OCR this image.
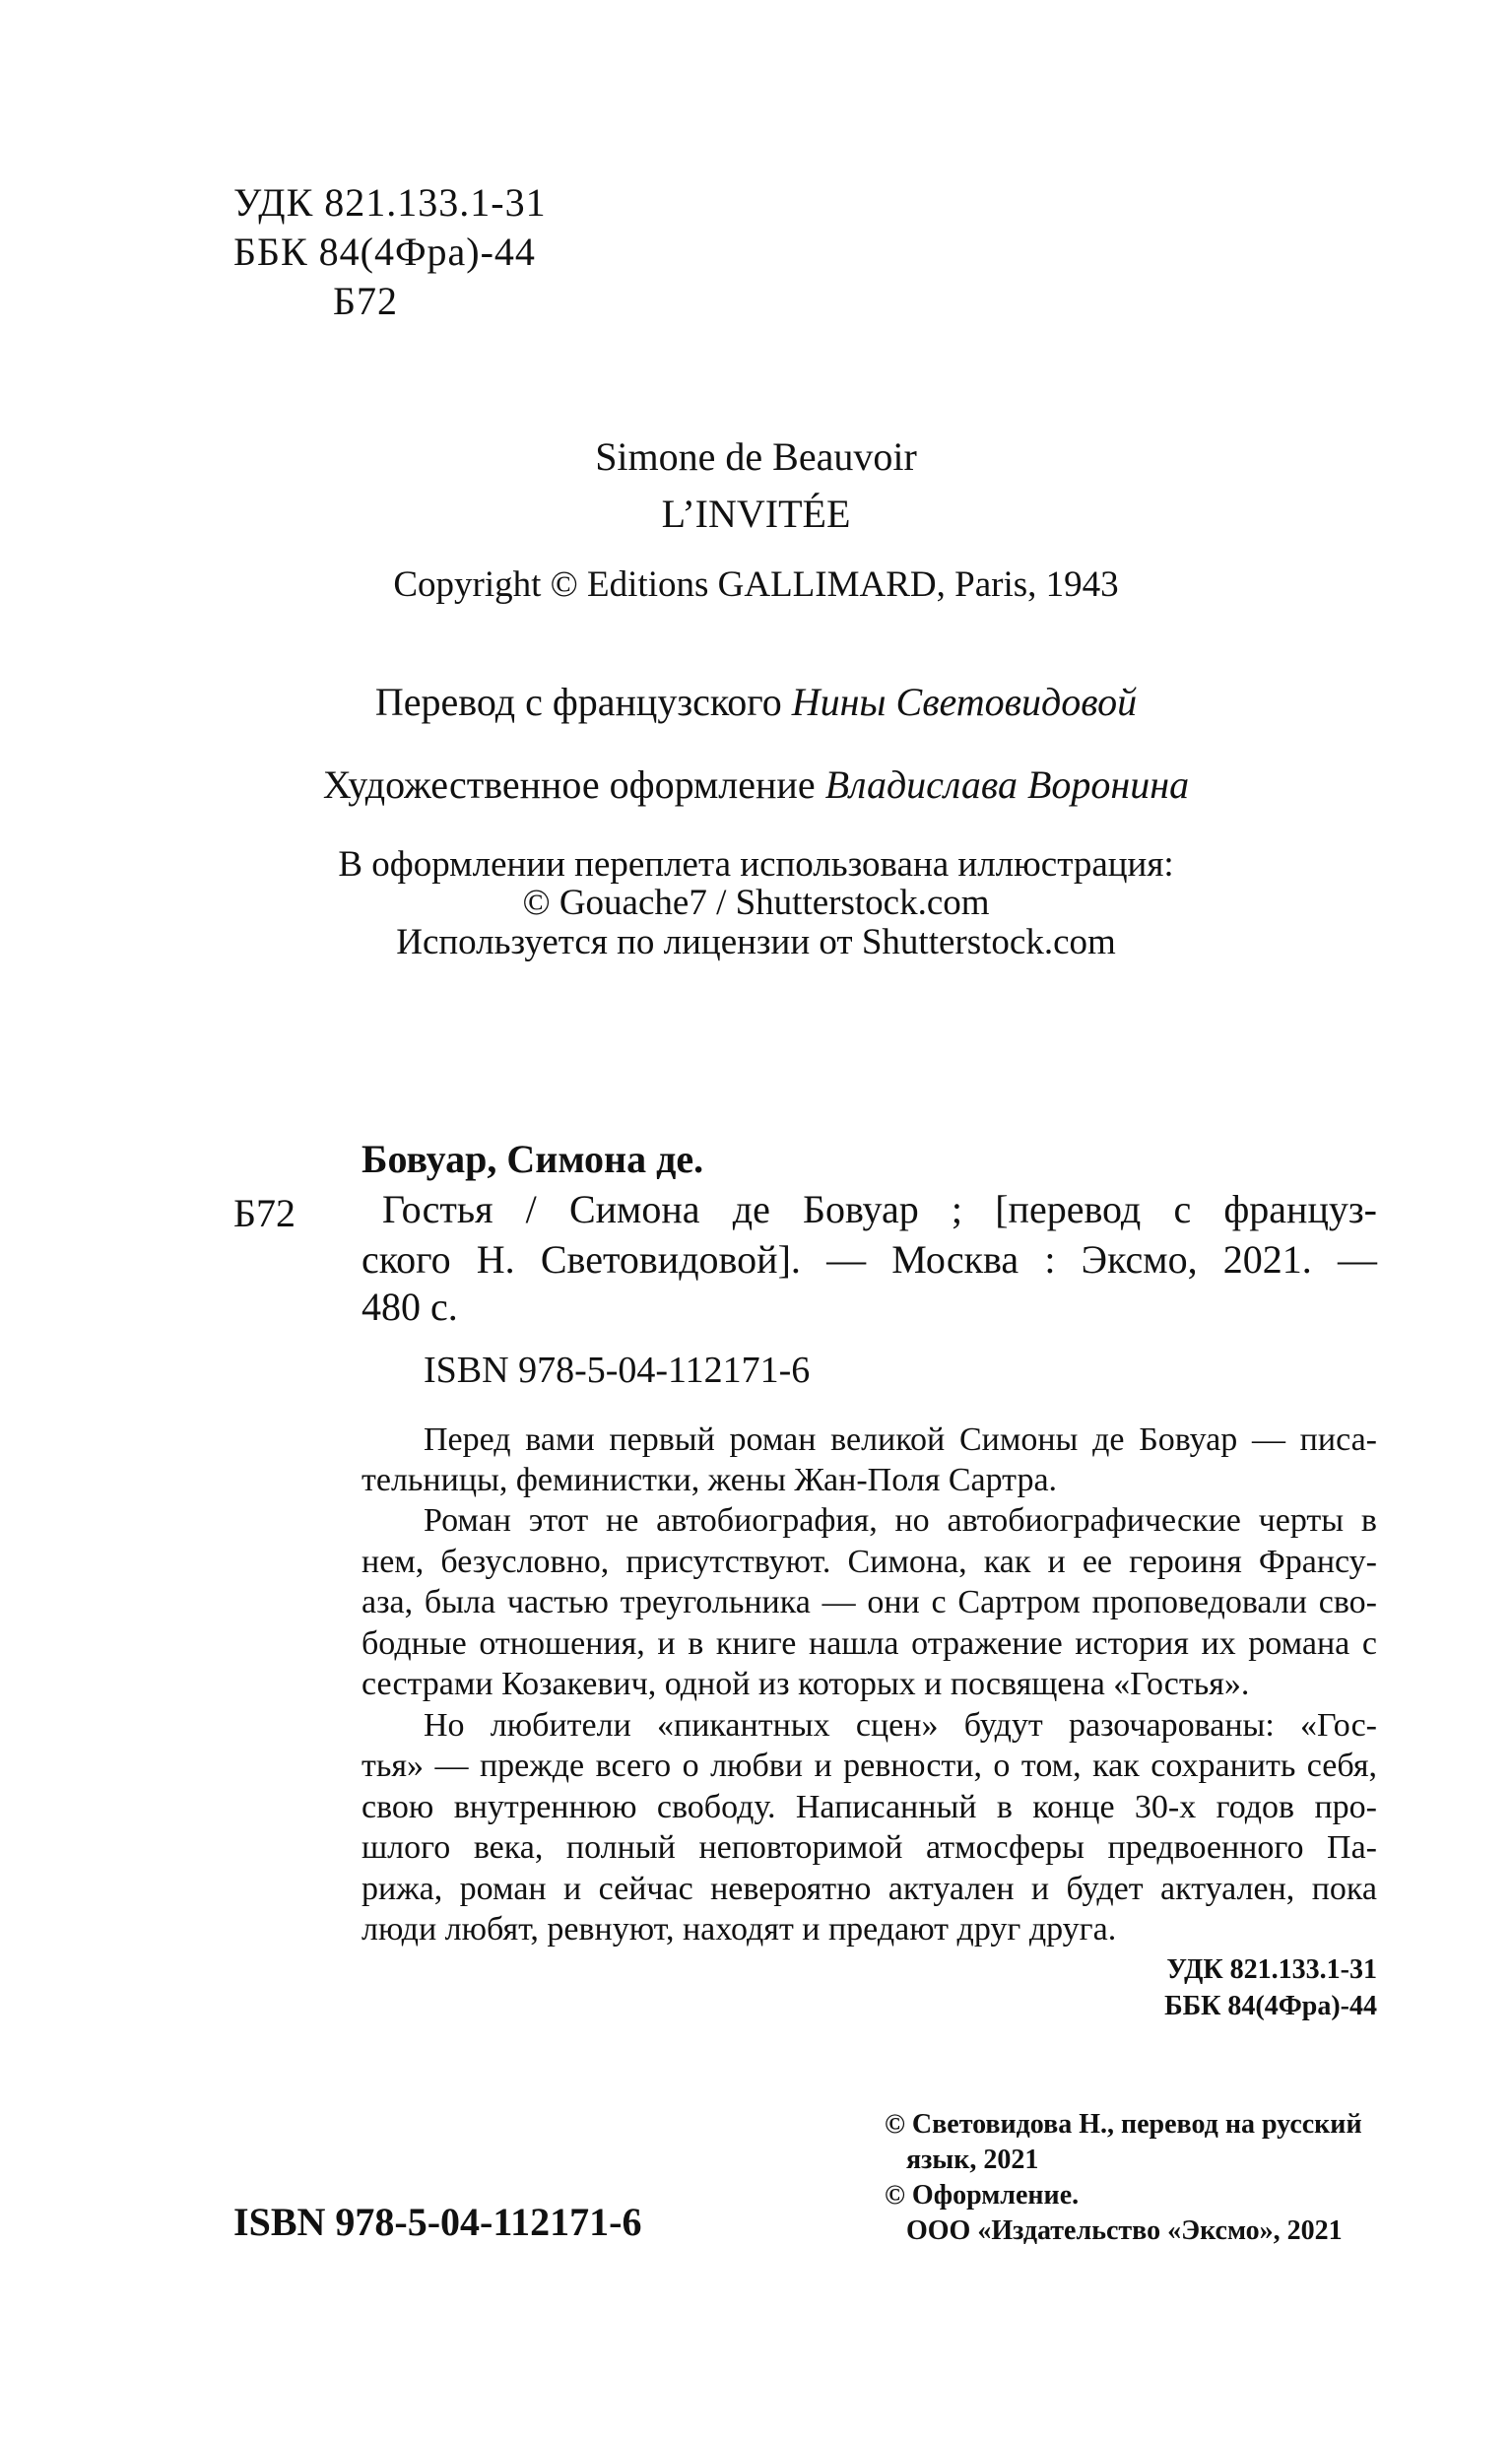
УДК 821.133.1-31
ББК 84(4Фра)-44
Б72
Simone de Beauvoir
L’INVITÉE
Copyright © Editions GALLIMARD, Paris, 1943
Перевод с французского Нины Световидовой
Художественное оформление Владислава Воронина
В оформлении переплета использована иллюстрация:
© Gouache7 / Shutterstock.com
Используется по лицензии от Shutterstock.com
Бовуар, Симона де.
Б72 Гостья / Симона де Бовуар ; [перевод с француз-
ского Н. Световидовой]. — Москва : Эксмо, 2021. —
480 с.
ISBN 978-5-04-112171-6
Перед вами первый роман великой Симоны де Бовуар — писа-
тельницы, феминистки, жены Жан-Поля Сартра.
Роман этот не автобиография, но автобиографические черты в
нем, безусловно, присутствуют. Симона, как и ее героиня Франсу-
аза, была частью треугольника — они с Сартром проповедовали сво-
бодные отношения, и в книге нашла отражение история их романа с
сестрами Козакевич, одной из которых и посвящена «Гостья».
Но любители «пикантных сцен» будут разочарованы: «Гос-
тья» — прежде всего о любви и ревности, о том, как сохранить себя,
свою внутреннюю свободу. Написанный в конце 30-х годов про-
шлого века, полный неповторимой атмосферы предвоенного Па-
рижа, роман и сейчас невероятно актуален и будет актуален, пока
люди любят, ревнуют, находят и предают друг друга.
УДК 821.133.1-31
ББК 84(4Фра)-44
© Световидова Н., перевод на русский
язык, 2021
© Оформление.
ООО «Издательство «Эксмо», 2021
ISBN 978-5-04-112171-6
